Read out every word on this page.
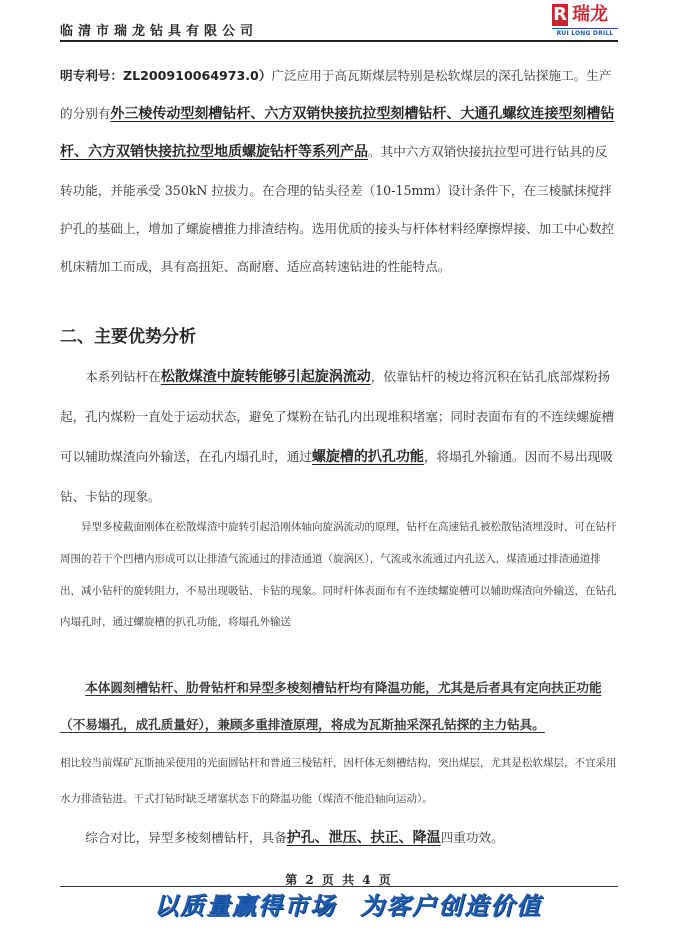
临清市瑞龙钻具有限公司
R 瑞龙
RUI LONG DRILL
明专利号：ZL200910064973.0）广泛应用于高瓦斯煤层特别是松软煤层的深孔钻探施工。生产的分别有外三棱传动型刻槽钻杆、六方双销快接抗拉型刻槽钻杆、大通孔螺纹连接型刻槽钻杆、六方双销快接抗拉型地质螺旋钻杆等系列产品。其中六方双销快接抗拉型可进行钻具的反转功能，并能承受 350kN 拉拔力。在合理的钻头径差（10-15mm）设计条件下，在三棱腻抹搅拌护孔的基础上，增加了螺旋槽推力排渣结构。选用优质的接头与杆体材料经摩擦焊接、加工中心数控机床精加工而成，具有高扭矩、高耐磨、适应高转速钻进的性能特点。
二、主要优势分析
本系列钻杆在松散煤渣中旋转能够引起旋涡流动，依靠钻杆的棱边将沉积在钻孔底部煤粉扬起，孔内煤粉一直处于运动状态，避免了煤粉在钻孔内出现堆积堵塞；同时表面布有的不连续螺旋槽可以辅助煤渣向外输送，在孔内塌孔时，通过螺旋槽的扒孔功能，将塌孔外输通。因而不易出现吸钻、卡钻的现象。
异型多棱截面刚体在松散煤渣中旋转引起沿刚体轴向旋涡流动的原理，钻杆在高速钻孔被松散钻渣埋没时，可在钻杆周围的若干个凹槽内形成可以让排渣气流通过的排渣通道（旋涡区），气流或水流通过内孔送入，煤渣通过排渣通道排出，减小钻杆的旋转阻力，不易出现吸钻、卡钻的现象。同时杆体表面布有不连续螺旋槽可以辅助煤渣向外输送，在钻孔内塌孔时，通过螺旋槽的扒孔功能，将塌孔外输送
本体圆刻槽钻杆、肋骨钻杆和异型多棱刻槽钻杆均有降温功能，尤其是后者具有定向扶正功能（不易塌孔，成孔质量好），兼顾多重排渣原理，将成为瓦斯抽采深孔钻探的主力钻具。
相比较当前煤矿瓦斯抽采使用的光面圆钻杆和普通三棱钻杆，因杆体无刻槽结构，突出煤层，尤其是松软煤层，不宜采用水力排渣钻进。干式打钻时缺乏堵塞状态下的降温功能（煤渣不能沿轴向运动）。
综合对比，异型多棱刻槽钻杆，具备护孔、泄压、扶正、降温四重功效。
第 2 页 共 4 页
以质量赢得市场 为客户创造价值
